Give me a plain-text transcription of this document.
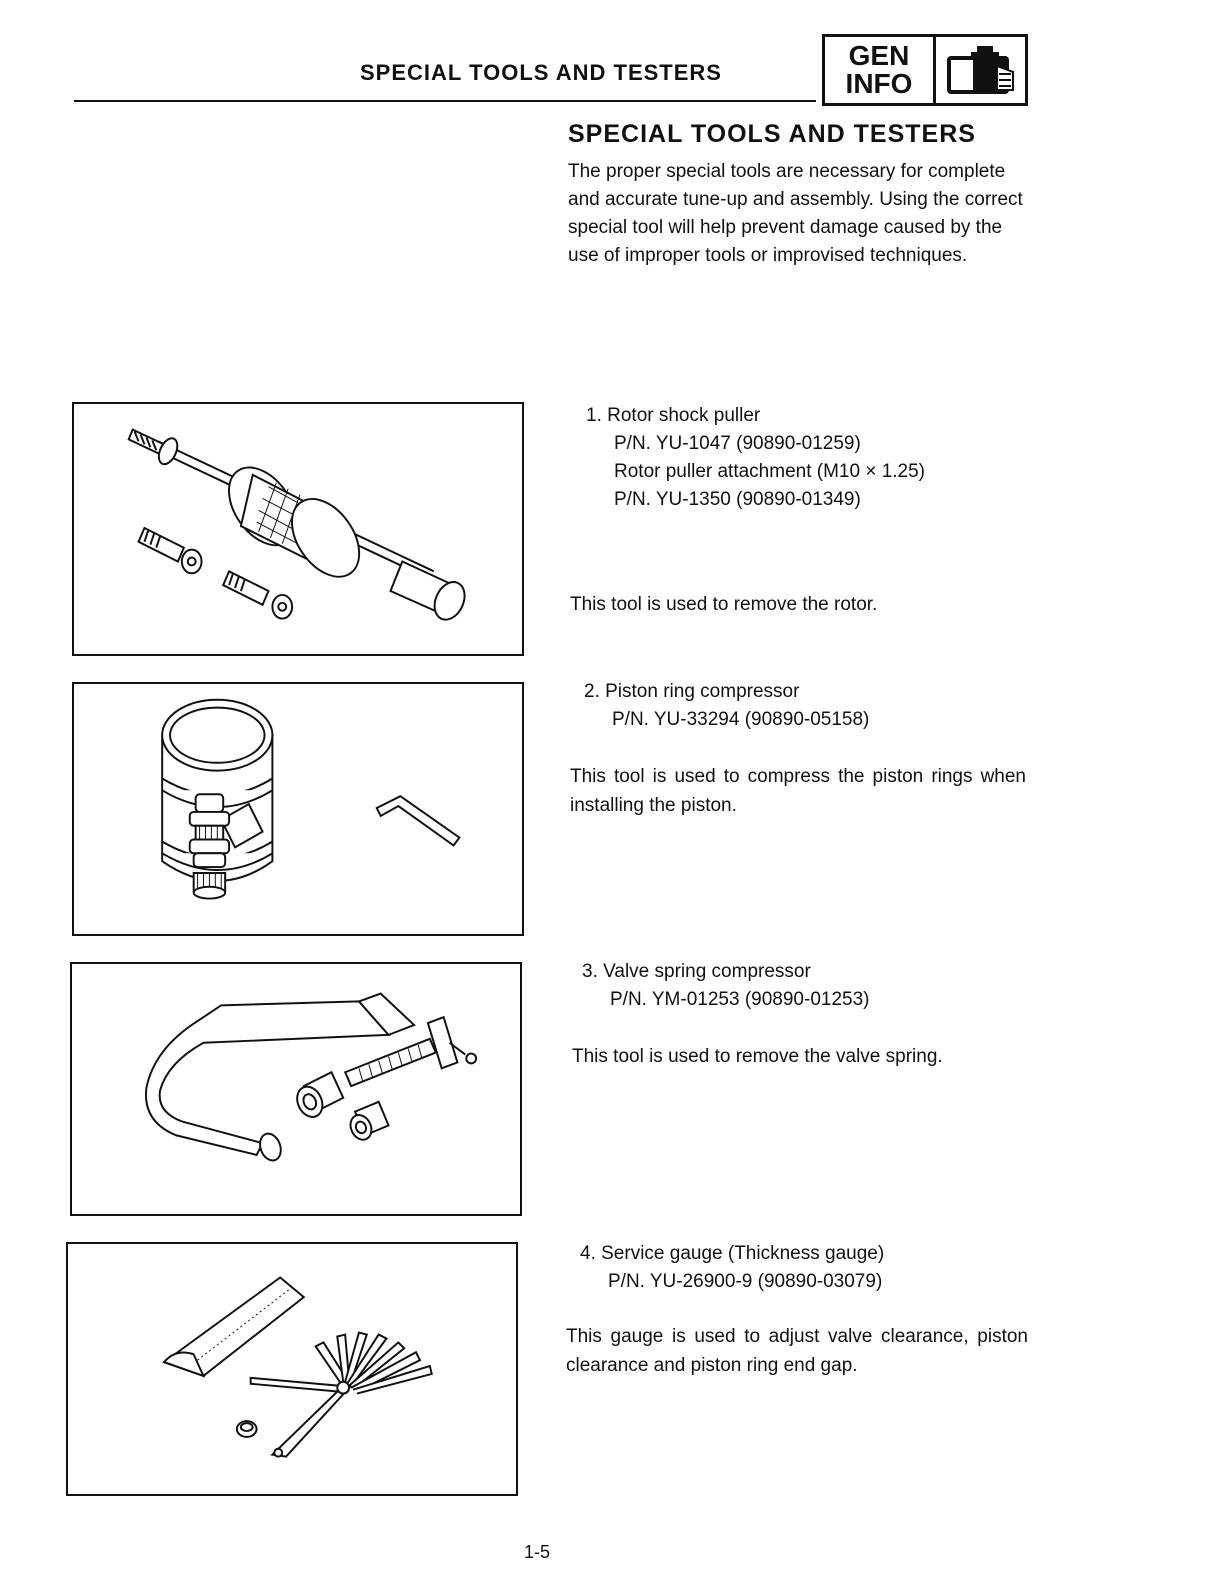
SPECIAL TOOLS AND TESTERS
GEN
INFO
SPECIAL TOOLS AND TESTERS
The proper special tools are necessary for complete and accurate tune-up and assembly. Using the correct special tool will help prevent damage caused by the use of improper tools or improvised techniques.
1. Rotor shock puller
P/N. YU-1047 (90890-01259)
Rotor puller attachment (M10 × 1.25)
P/N. YU-1350 (90890-01349)
This tool is used to remove the rotor.
2. Piston ring compressor
P/N. YU-33294 (90890-05158)
This tool is used to compress the piston rings when installing the piston.
3. Valve spring compressor
P/N. YM-01253 (90890-01253)
This tool is used to remove the valve spring.
4. Service gauge (Thickness gauge)
P/N. YU-26900-9 (90890-03079)
This gauge is used to adjust valve clearance, piston clearance and piston ring end gap.
1-5
